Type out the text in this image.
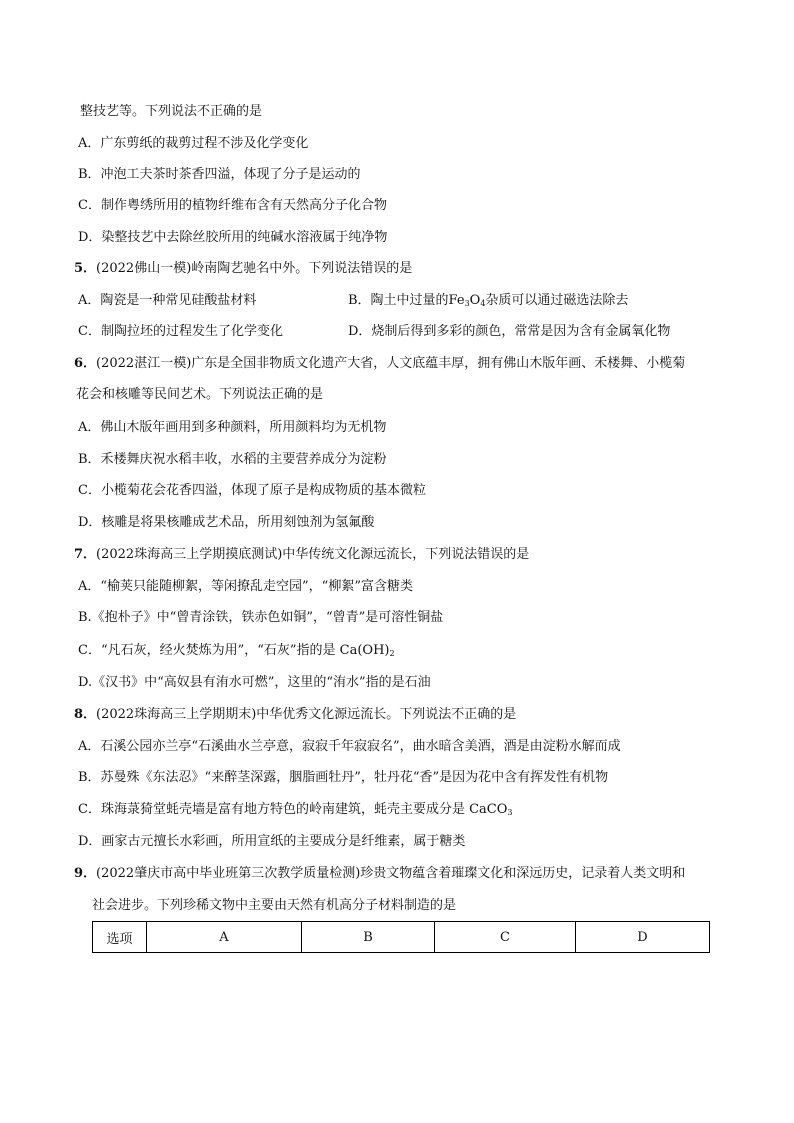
整技艺等。下列说法不正确的是
A．广东剪纸的裁剪过程不涉及化学变化
B．冲泡工夫茶时茶香四溢，体现了分子是运动的
C．制作粤绣所用的植物纤维布含有天然高分子化合物
D．染整技艺中去除丝胶所用的纯碱水溶液属于纯净物
5．(2022佛山一模)岭南陶艺驰名中外。下列说法错误的是
A．陶瓷是一种常见硅酸盐材料	B．陶土中过量的$Fe_3O_4$杂质可以通过磁选法除去
C．制陶拉坯的过程发生了化学变化	D．烧制后得到多彩的颜色，常常是因为含有金属氧化物
6．(2022湛江一模)广东是全国非物质文化遗产大省，人文底蕴丰厚，拥有佛山木版年画、禾楼舞、小榄菊
花会和核雕等民间艺术。下列说法正确的是
A．佛山木版年画用到多种颜料，所用颜料均为无机物
B．禾楼舞庆祝水稻丰收，水稻的主要营养成分为淀粉
C．小榄菊花会花香四溢，体现了原子是构成物质的基本微粒
D．核雕是将果核雕成艺术品，所用刻蚀剂为氢氟酸
7．(2022珠海高三上学期摸底测试)中华传统文化源远流长，下列说法错误的是
A．“榆荚只能随柳絮，等闲撩乱走空园”，“柳絮”富含糖类
B.《抱朴子》中“曾青涂铁，铁赤色如铜”，“曾青”是可溶性铜盐
C．“凡石灰，经火焚炼为用”，“石灰”指的是 $Ca(OH)_2$
D.《汉书》中“高奴县有洧水可燃”，这里的“洧水”指的是石油
8．(2022珠海高三上学期期末)中华优秀文化源远流长。下列说法不正确的是
A．石溪公园亦兰亭“石溪曲水兰亭意，寂寂千年寂寂名”，曲水暗含美酒，酒是由淀粉水解而成
B．苏曼殊《东法忍》“来醉茎深露，胭脂画牡丹”，牡丹花“香”是因为花中含有挥发性有机物
C．珠海菉猗堂蚝壳墙是富有地方特色的岭南建筑，蚝壳主要成分是 CaCO$_3$
D．画家古元擅长水彩画，所用宣纸的主要成分是纤维素，属于糖类
9．(2022肇庆市高中毕业班第三次教学质量检测)珍贵文物蕴含着璀璨文化和深远历史，记录着人类文明和
社会进步。下列珍稀文物中主要由天然有机高分子材料制造的是
选项	A	B	C	D
